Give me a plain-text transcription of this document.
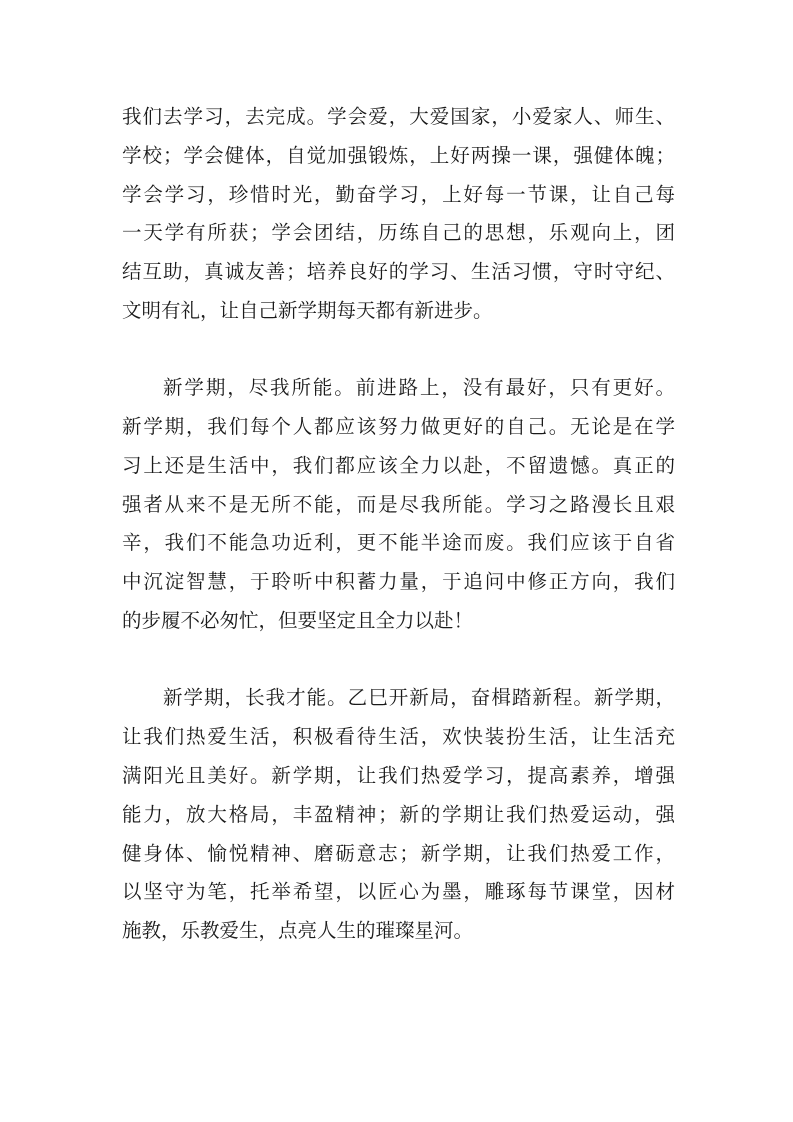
我们去学习，去完成。学会爱，大爱国家，小爱家人、师生、
学校；学会健体，自觉加强锻炼，上好两操一课，强健体魄；
学会学习，珍惜时光，勤奋学习，上好每一节课，让自己每
一天学有所获；学会团结，历练自己的思想，乐观向上，团
结互助，真诚友善；培养良好的学习、生活习惯，守时守纪、
文明有礼，让自己新学期每天都有新进步。
新学期，尽我所能。前进路上，没有最好，只有更好。
新学期，我们每个人都应该努力做更好的自己。无论是在学
习上还是生活中，我们都应该全力以赴，不留遗憾。真正的
强者从来不是无所不能，而是尽我所能。学习之路漫长且艰
辛，我们不能急功近利，更不能半途而废。我们应该于自省
中沉淀智慧，于聆听中积蓄力量，于追问中修正方向，我们
的步履不必匆忙，但要坚定且全力以赴！
新学期，长我才能。乙巳开新局，奋楫踏新程。新学期，
让我们热爱生活，积极看待生活，欢快装扮生活，让生活充
满阳光且美好。新学期，让我们热爱学习，提高素养，增强
能力，放大格局，丰盈精神；新的学期让我们热爱运动，强
健身体、愉悦精神、磨砺意志；新学期，让我们热爱工作，
以坚守为笔，托举希望，以匠心为墨，雕琢每节课堂，因材
施教，乐教爱生，点亮人生的璀璨星河。
